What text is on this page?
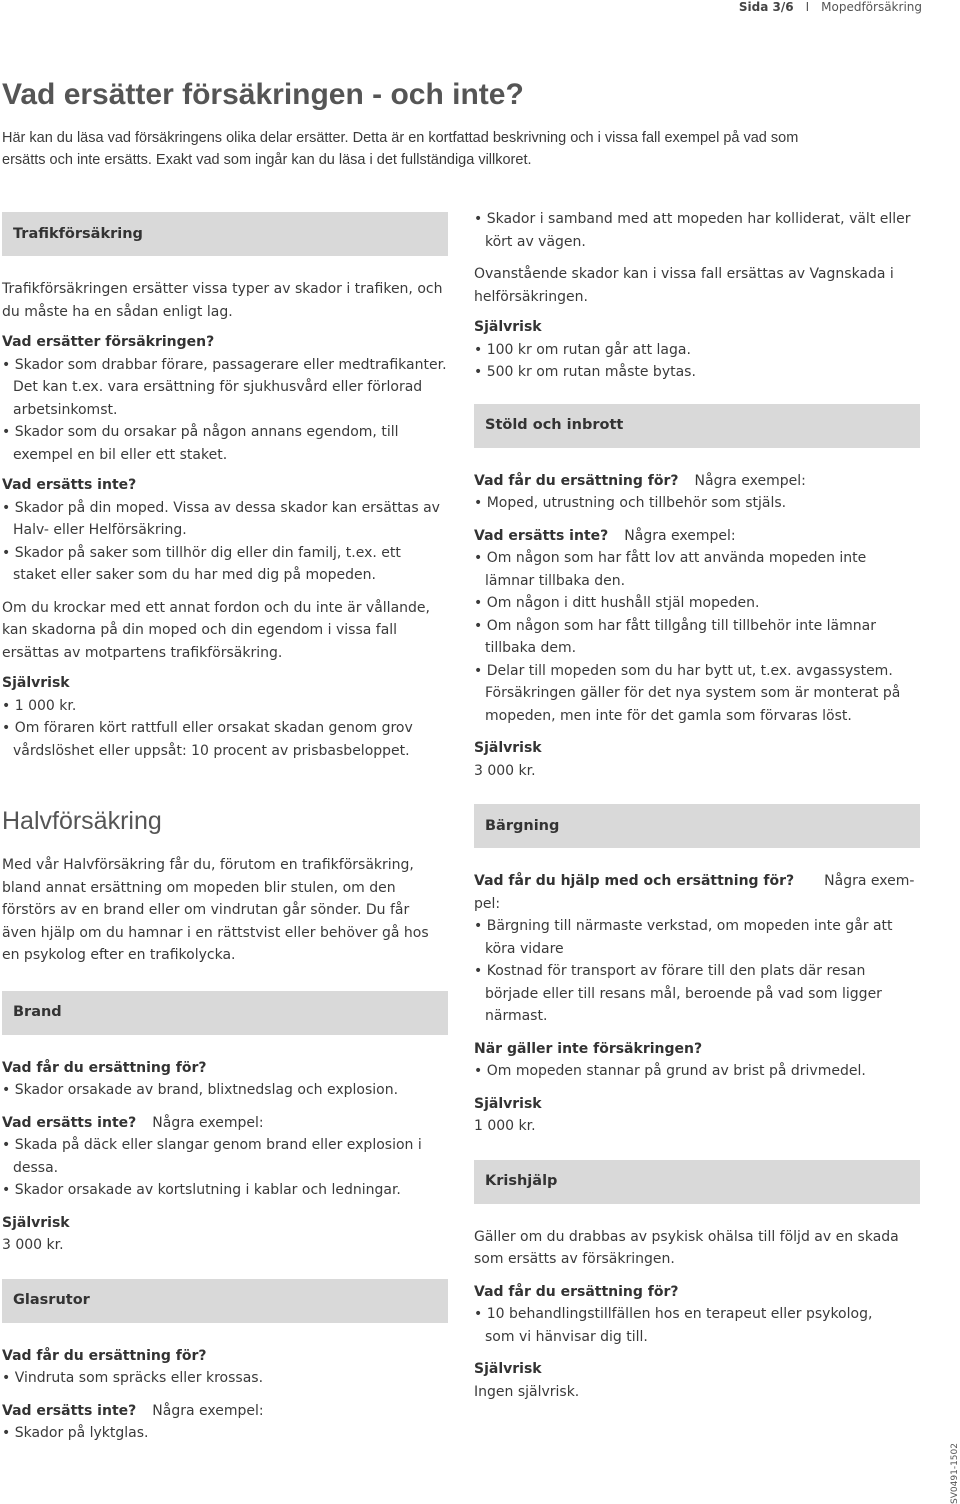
Sida 3/6 I Mopedförsäkring
Vad ersätter försäkringen - och inte?

Här kan du läsa vad försäkringens olika delar ersätter. Detta är en kortfattad beskrivning och i vissa fall exempel på vad som ersätts och inte ersätts. Exakt vad som ingår kan du läsa i det fullständiga villkoret.

Trafikförsäkring

Trafikförsäkringen ersätter vissa typer av skador i trafiken, och du måste ha en sådan enligt lag.

Vad ersätter försäkringen?

• Skador som drabbar förare, passagerare eller medtrafikanter.

Det kan t.ex. vara ersättning för sjukhusvård eller förlorad arbetsinkomst.

• Skador som du orsakar på någon annans egendom, till exempel en bil eller ett staket.

Vad ersätts inte?

• Skador på din moped. Vissa av dessa skador kan ersättas av Halv- eller Helförsäkring.

• Skador på saker som tillhör dig eller din familj, t.ex. ett staket eller saker som du har med dig på mopeden.

Om du krockar med ett annat fordon och du inte är vållande, kan skadorna på din moped och din egendom i vissa fall ersättas av motpartens trafikförsäkring.

Självrisk

• 1 000 kr.

• Om föraren kört rattfull eller orsakat skadan genom grov vårdslöshet eller uppsåt: 10 procent av prisbasbeloppet.

Halvförsäkring

Med vår Halvförsäkring får du, förutom en trafikförsäkring, bland annat ersättning om mopeden blir stulen, om den förstörs av en brand eller om vindrutan går sönder. Du får även hjälp om du hamnar i en rättstvist eller behöver gå hos en psykolog efter en trafikolycka.

Brand

Vad får du ersättning för?

• Skador orsakade av brand, blixtnedslag och explosion.

Vad ersätts inte? Några exempel:

• Skada på däck eller slangar genom brand eller explosion i dessa.

• Skador orsakade av kortslutning i kablar och ledningar.

Självrisk

3 000 kr.

Glasrutor

Vad får du ersättning för?

• Vindruta som spräcks eller krossas.

Vad ersätts inte? Några exempel:

• Skador på lyktglas.

• Skador i samband med att mopeden har kolliderat, vält eller kört av vägen.

Ovanstående skador kan i vissa fall ersättas av Vagnskada i helförsäkringen.

Självrisk

• 100 kr om rutan går att laga.

• 500 kr om rutan måste bytas.

Stöld och inbrott

Vad får du ersättning för? Några exempel:

• Moped, utrustning och tillbehör som stjäls.

Vad ersätts inte? Några exempel:

• Om någon som har fått lov att använda mopeden inte lämnar tillbaka den.

• Om någon i ditt hushåll stjäl mopeden.

• Om någon som har fått tillgång till tillbehör inte lämnar tillbaka dem.

• Delar till mopeden som du har bytt ut, t.ex. avgassystem.

Försäkringen gäller för det nya system som är monterat på mopeden, men inte för det gamla som förvaras löst.

Självrisk

3 000 kr.

Bärgning

Vad får du hjälp med och ersättning för? Några exempel:

• Bärgning till närmaste verkstad, om mopeden inte går att köra vidare

• Kostnad för transport av förare till den plats där resan började eller till resans mål, beroende på vad som ligger närmast.

När gäller inte försäkringen?

• Om mopeden stannar på grund av brist på drivmedel.

Självrisk

1 000 kr.

Krishjälp

Gäller om du drabbas av psykisk ohälsa till följd av en skada som ersätts av försäkringen.

Vad får du ersättning för?

• 10 behandlingstillfällen hos en terapeut eller psykolog,

som vi hänvisar dig till.

Självrisk

Ingen självrisk.

SV0491-1502
